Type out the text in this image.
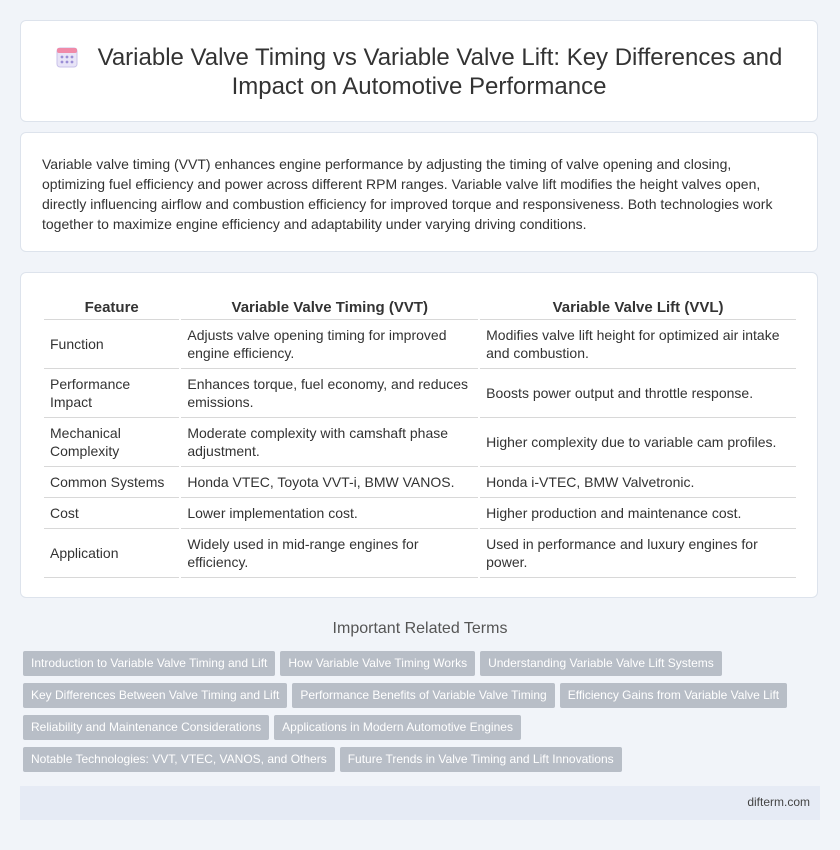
Variable Valve Timing vs Variable Valve Lift: Key Differences and Impact on Automotive Performance

Variable valve timing (VVT) enhances engine performance by adjusting the timing of valve opening and closing, optimizing fuel efficiency and power across different RPM ranges. Variable valve lift modifies the height valves open, directly influencing airflow and combustion efficiency for improved torque and responsiveness. Both technologies work together to maximize engine efficiency and adaptability under varying driving conditions.

Feature	Variable Valve Timing (VVT)	Variable Valve Lift (VVL)
Function	Adjusts valve opening timing for improved engine efficiency.	Modifies valve lift height for optimized air intake and combustion.
Performance Impact	Enhances torque, fuel economy, and reduces emissions.	Boosts power output and throttle response.
Mechanical Complexity	Moderate complexity with camshaft phase adjustment.	Higher complexity due to variable cam profiles.
Common Systems	Honda VTEC, Toyota VVT-i, BMW VANOS.	Honda i-VTEC, BMW Valvetronic.
Cost	Lower implementation cost.	Higher production and maintenance cost.
Application	Widely used in mid-range engines for efficiency.	Used in performance and luxury engines for power.
Important Related Terms
Introduction to Variable Valve Timing and Lift How Variable Valve Timing Works Understanding Variable Valve Lift Systems
Key Differences Between Valve Timing and Lift Performance Benefits of Variable Valve Timing Efficiency Gains from Variable Valve Lift
Reliability and Maintenance Considerations Applications in Modern Automotive Engines
Notable Technologies: VVT, VTEC, VANOS, and Others Future Trends in Valve Timing and Lift Innovations
difterm.com
